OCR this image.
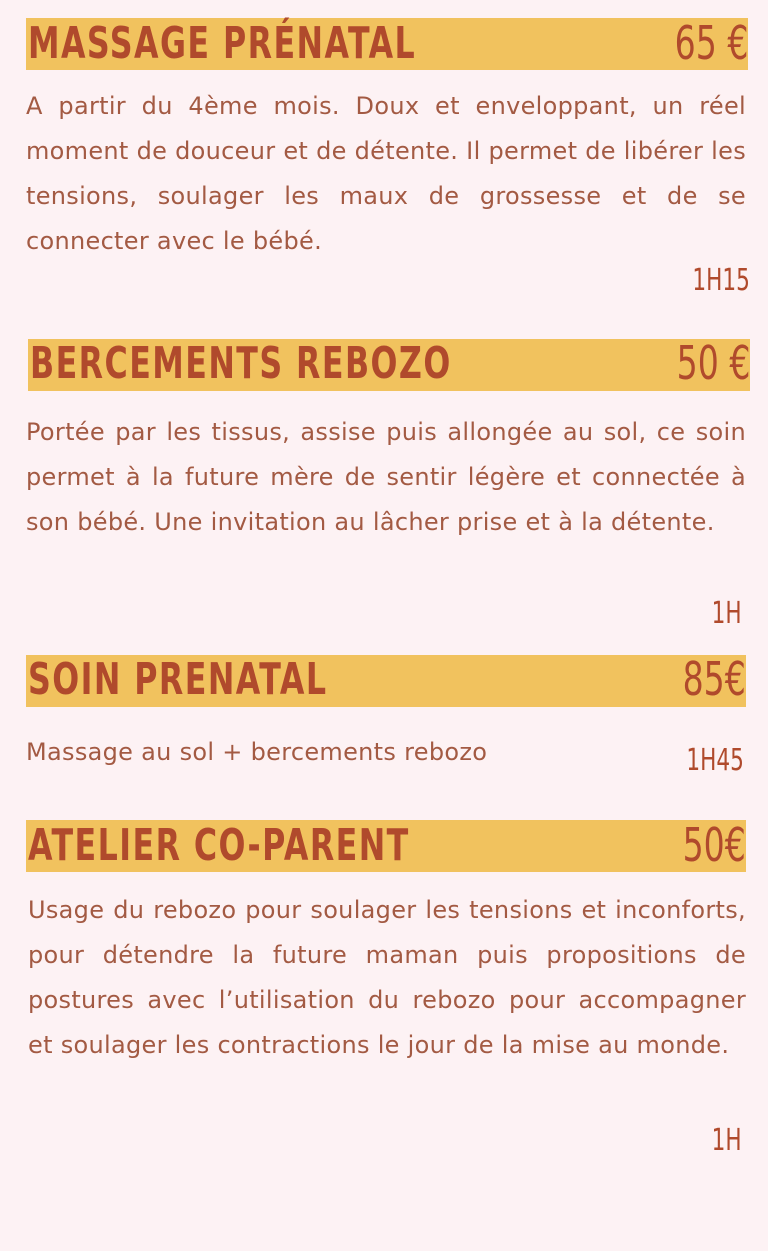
MASSAGE PRÉNATAL	65 €
A partir du 4ème mois. Doux et enveloppant, un réel moment de douceur et de détente. Il permet de libérer les tensions, soulager les maux de grossesse et de se connecter avec le bébé.
1H15
BERCEMENTS REBOZO	50 €
Portée par les tissus, assise puis allongée au sol, ce soin permet à la future mère de sentir légère et connectée à son bébé. Une invitation au lâcher prise et à la détente.
1H
SOIN PRENATAL	85€
Massage au sol + bercements rebozo	1H45
ATELIER CO-PARENT	50€
Usage du rebozo pour soulager les tensions et inconforts, pour détendre la future maman puis propositions de postures avec l’utilisation du rebozo pour accompagner et soulager les contractions le jour de la mise au monde.
1H
